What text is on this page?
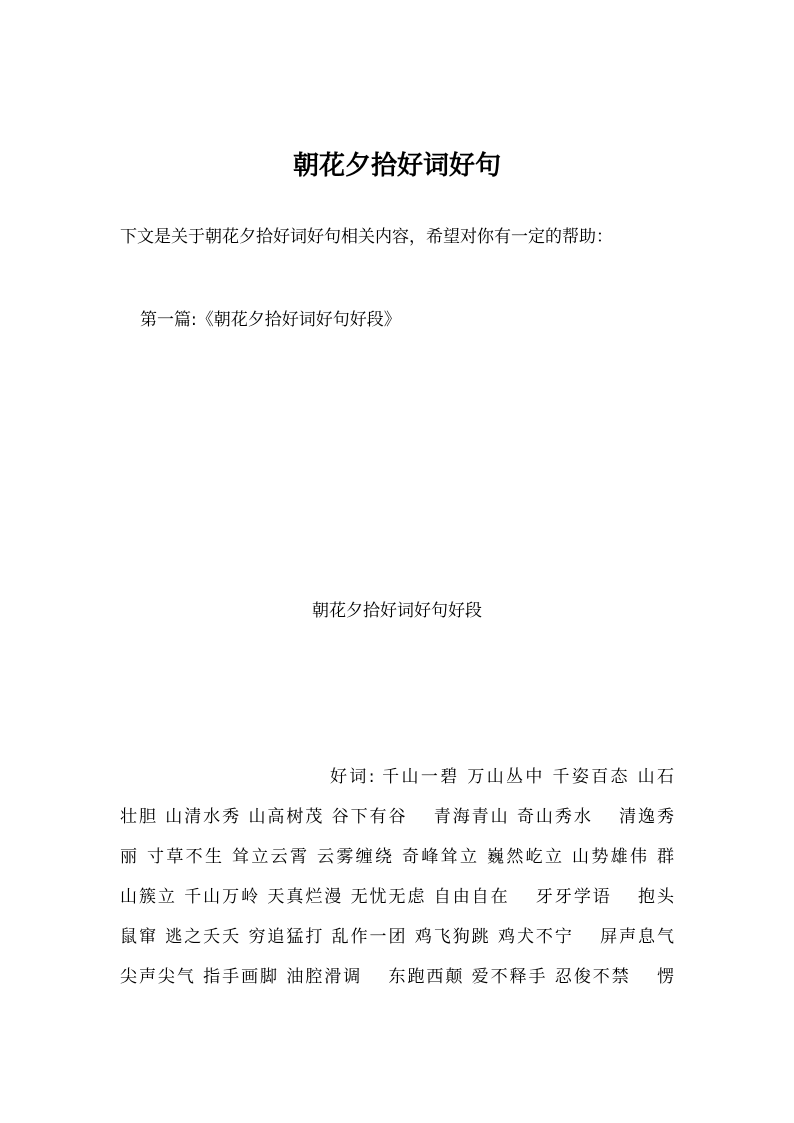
朝花夕拾好词好句
下文是关于朝花夕拾好词好句相关内容，希望对你有一定的帮助：
第一篇:《朝花夕拾好词好句好段》
朝花夕拾好词好句好段
好词: 千山一碧 万山丛中 千姿百态 山石
壮胆 山清水秀 山高树茂 谷下有谷 　青海青山 奇山秀水 　清逸秀
丽 寸草不生 耸立云霄 云雾缠绕 奇峰耸立 巍然屹立 山势雄伟 群
山簇立 千山万岭 天真烂漫 无忧无虑 自由自在 　牙牙学语 　抱头
鼠窜 逃之夭夭 穷追猛打 乱作一团 鸡飞狗跳 鸡犬不宁 　屏声息气
尖声尖气 指手画脚 油腔滑调 　东跑西颠 爱不释手 忍俊不禁 　愣
